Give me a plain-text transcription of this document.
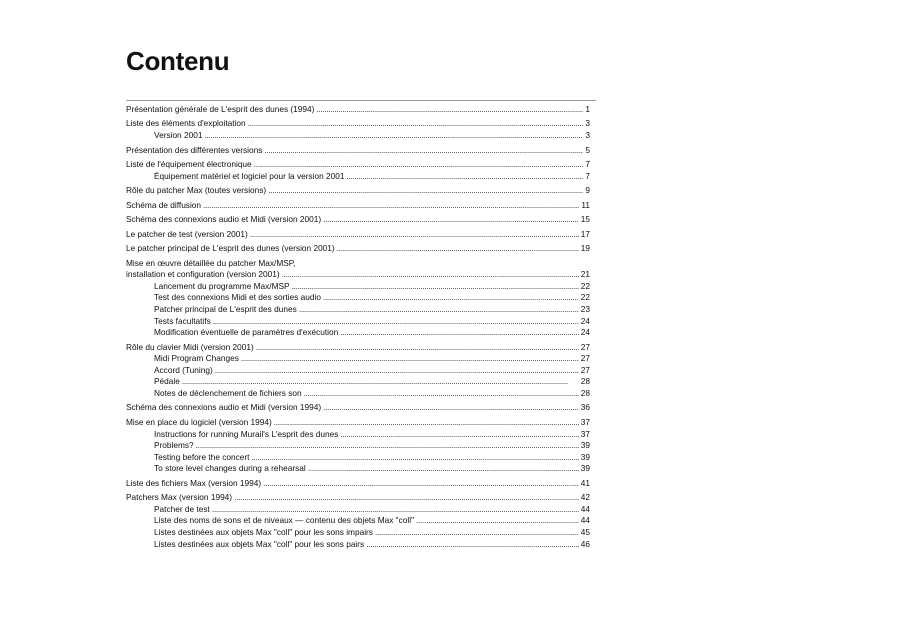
Contenu
Présentation générale de L'esprit des dunes (1994) . . .	1
Liste des éléments d'exploitation . . .	3
Version 2001 . . .	3
Présentation des différentes versions . . .	5
Liste de l'équipement électronique . . .	7
Équipement matériel et logiciel pour la version 2001 . . .	7
Rôle du patcher Max (toutes versions) . . .	9
Schéma de diffusion . . .	11
Schéma des connexions audio et Midi (version 2001) . . .	15
Le patcher de test (version 2001) . . .	17
Le patcher principal de L'esprit des dunes (version 2001) . . .	19
Mise en œuvre détaillée du patcher Max/MSP,
installation et configuration (version 2001) . . .	21
Lancement du programme Max/MSP . . .	22
Test des connexions Midi et des sorties audio . . .	22
Patcher principal de L'esprit des dunes . . .	23
Tests facultatifs . . .	24
Modification éventuelle de paramètres d'exécution . . .	24
Rôle du clavier Midi (version 2001) . . .	27
Midi Program Changes . . .	27
Accord (Tuning) . . .	27
Pédale . . .	28
Notes de déclenchement de fichiers son . . .	28
Schéma des connexions audio et Midi (version 1994) . . .	36
Mise en place du logiciel (version 1994) . . .	37
Instructions for running Murail's L'esprit des dunes . . .	37
Problems? . . .	39
Testing before the concert . . .	39
To store level changes during a rehearsal . . .	39
Liste des fichiers Max (version 1994) . . .	41
Patchers Max (version 1994) . . .	42
Patcher de test . . .	44
Liste des noms de sons et de niveaux — contenu des objets Max "coll" . . .	44
Listes destinées aux objets Max "coll" pour les sons impairs . . .	45
Listes destinées aux objets Max "coll" pour les sons pairs . . .	46
